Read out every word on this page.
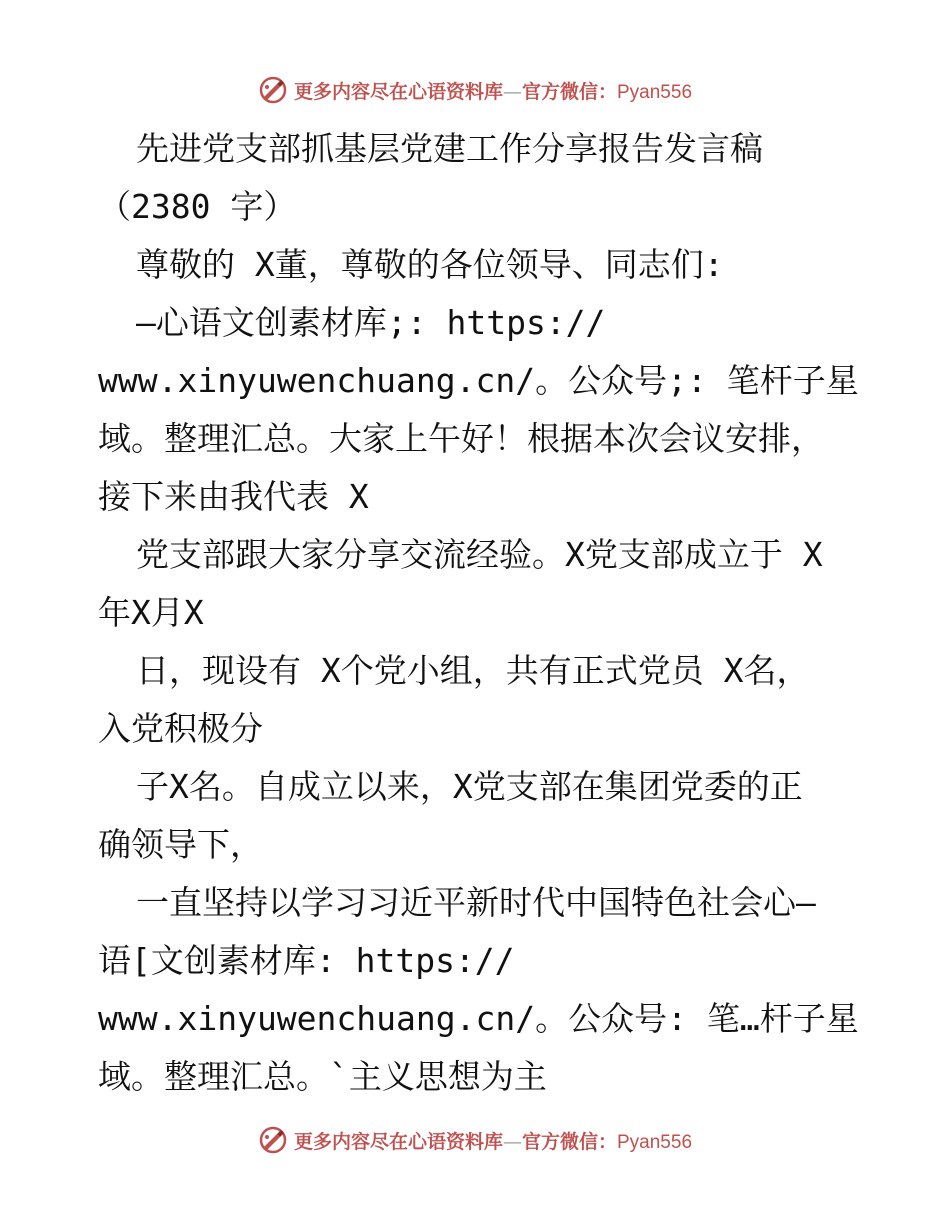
更多内容尽在心语资料库—官方微信：Pyan556
先进党支部抓基层党建工作分享报告发言稿
（2380 字）
尊敬的 X董，尊敬的各位领导、同志们:
—心语文创素材库;: https://
www.xinyuwenchuang.cn/。公众号;: 笔杆子星
域。整理汇总。大家上午好！根据本次会议安排，
接下来由我代表 X
党支部跟大家分享交流经验。X党支部成立于 X
年X月X
日，现设有 X个党小组，共有正式党员 X名，
入党积极分
子X名。自成立以来，X党支部在集团党委的正
确领导下，
一直坚持以学习习近平新时代中国特色社会心—
语[文创素材库: https://
www.xinyuwenchuang.cn/。公众号: 笔…杆子星
域。整理汇总。`主义思想为主
更多内容尽在心语资料库—官方微信：Pyan556
